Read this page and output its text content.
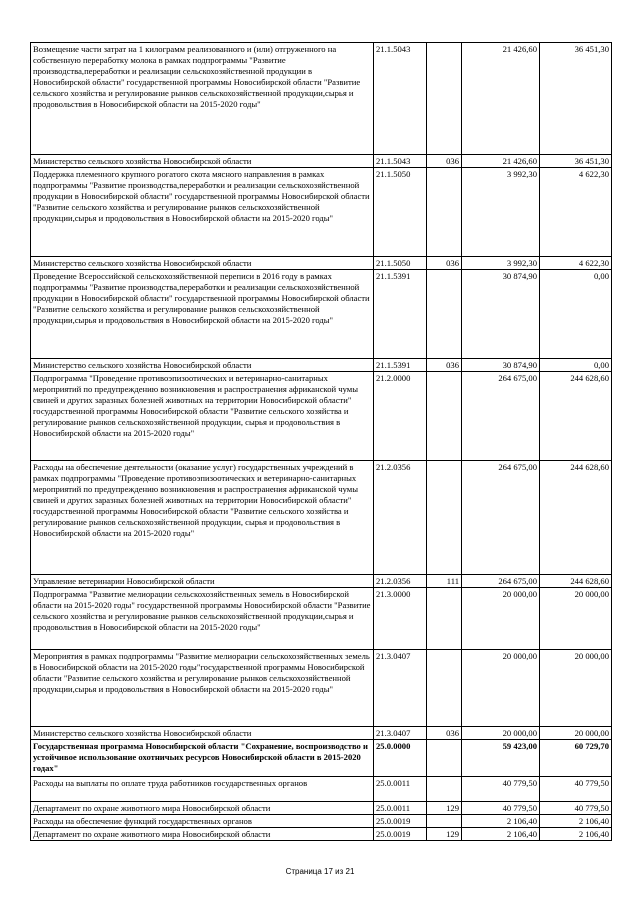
Возмещение части затрат на 1 килограмм реализованного и (или) отгруженного на собственную переработку молока в рамках подпрограммы "Развитие производства,переработки и реализации сельскохозяйственной продукции в Новосибирской области" государственной программы Новосибирской области "Развитие сельского хозяйства и регулирование рынков сельскохозяйственной продукции,сырья и продовольствия в Новосибирской области на 2015-2020 годы"	21.1.5043		21 426,60	36 451,30
Министерство сельского хозяйства Новосибирской области	21.1.5043	036	21 426,60	36 451,30
Поддержка племенного крупного рогатого скота мясного направления в рамках подпрограммы "Развитие производства,переработки и реализации сельскохозяйственной продукции в Новосибирской области" государственной программы Новосибирской области "Развитие сельского хозяйства и регулирование рынков сельскохозяйственной продукции,сырья и продовольствия в Новосибирской области на 2015-2020 годы"	21.1.5050		3 992,30	4 622,30
Министерство сельского хозяйства Новосибирской области	21.1.5050	036	3 992,30	4 622,30
Проведение Всероссийской сельскохозяйственной переписи в 2016 году в рамках подпрограммы "Развитие производства,переработки и реализации сельскохозяйственной продукции в Новосибирской области" государственной программы Новосибирской области "Развитие сельского хозяйства и регулирование рынков сельскохозяйственной продукции,сырья и продовольствия в Новосибирской области на 2015-2020 годы"	21.1.5391		30 874,90	0,00
Министерство сельского хозяйства Новосибирской области	21.1.5391	036	30 874,90	0,00
Подпрограмма "Проведение противоэпизоотических и ветеринарно-санитарных мероприятий по предупреждению возникновения и распространения африканской чумы свиней и других заразных болезней животных на территории Новосибирской области" государственной программы Новосибирской области "Развитие сельского хозяйства и регулирование рынков сельскохозяйственной продукции, сырья и продовольствия в Новосибирской области на 2015-2020 годы"	21.2.0000		264 675,00	244 628,60
Расходы на обеспечение деятельности (оказание услуг) государственных учреждений в рамках подпрограммы "Проведение противоэпизоотических и ветеринарно-санитарных мероприятий по предупреждению возникновения и распространения африканской чумы свиней и других заразных болезней животных на территории Новосибирской области" государственной программы Новосибирской области "Развитие сельского хозяйства и регулирование рынков сельскохозяйственной продукции, сырья и продовольствия в Новосибирской области на 2015-2020 годы"	21.2.0356		264 675,00	244 628,60
Управление ветеринарии Новосибирской области	21.2.0356	111	264 675,00	244 628,60
Подпрограмма "Развитие мелиорации сельскохозяйственных земель в Новосибирской области на 2015-2020 годы" государственной программы Новосибирской области "Развитие сельского хозяйства и регулирование рынков сельскохозяйственной продукции,сырья и продовольствия в Новосибирской области на 2015-2020 годы"	21.3.0000		20 000,00	20 000,00
Мероприятия в рамках подпрограммы "Развитие мелиорации сельскохозяйственных земель в Новосибирской области на 2015-2020 годы"государственной программы Новосибирской области "Развитие сельского хозяйства и регулирование рынков сельскохозяйственной продукции,сырья и продовольствия в Новосибирской области на 2015-2020 годы"	21.3.0407		20 000,00	20 000,00
Министерство сельского хозяйства Новосибирской области	21.3.0407	036	20 000,00	20 000,00
Государственная программа Новосибирской области "Сохранение, воспроизводство и устойчивое использование охотничьих ресурсов Новосибирской области в 2015-2020 годах"	25.0.0000		59 423,00	60 729,70
Расходы на выплаты по оплате труда работников государственных органов	25.0.0011		40 779,50	40 779,50
Департамент по охране животного мира Новосибирской области	25.0.0011	129	40 779,50	40 779,50
Расходы на обеспечение функций государственных органов	25.0.0019		2 106,40	2 106,40
Департамент по охране животного мира Новосибирской области	25.0.0019	129	2 106,40	2 106,40
Страница 17 из 21
